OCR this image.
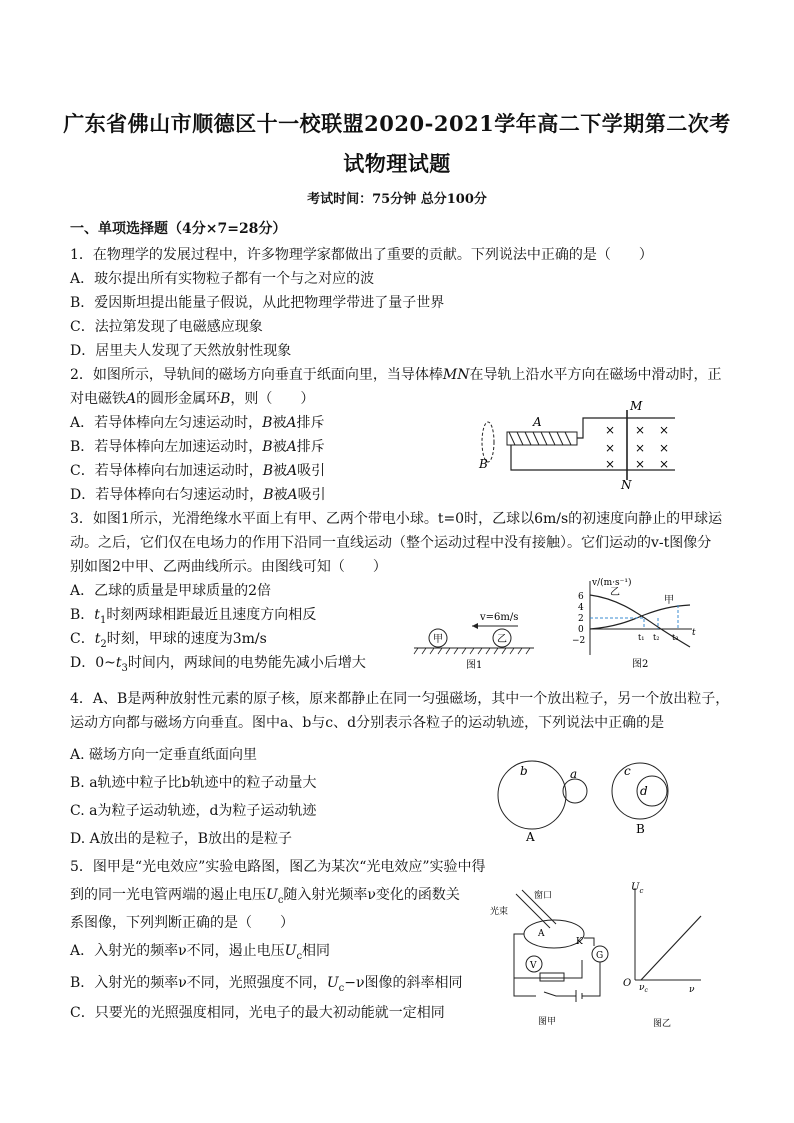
广东省佛山市顺德区十一校联盟2020-2021学年高二下学期第二次考
试物理试题
考试时间：75分钟 总分100分
一、单项选择题（4分×7=28分）
1．在物理学的发展过程中，许多物理学家都做出了重要的贡献。下列说法中正确的是（　　）
A．玻尔提出所有实物粒子都有一个与之对应的波
B．爱因斯坦提出能量子假说，从此把物理学带进了量子世界
C．法拉第发现了电磁感应现象
D．居里夫人发现了天然放射性现象
2．如图所示，导轨间的磁场方向垂直于纸面向里，当导体棒MN在导轨上沿水平方向在磁场中滑动时，正
对电磁铁A的圆形金属环B，则（　　）
A．若导体棒向左匀速运动时，B被A排斥
B．若导体棒向左加速运动时，B被A排斥
C．若导体棒向右加速运动时，B被A吸引
D．若导体棒向右匀速运动时，B被A吸引
B
A
M
N
× × ×
× × ×
× × ×
3．如图1所示，光滑绝缘水平面上有甲、乙两个带电小球。t=0时，乙球以6m/s的初速度向静止的甲球运
动。之后，它们仅在电场力的作用下沿同一直线运动（整个运动过程中没有接触）。它们运动的v-t图像分
别如图2中甲、乙两曲线所示。由图线可知（　　）
A．乙球的质量是甲球质量的2倍
B．$t_1$时刻两球相距最近且速度方向相反
C．$t_2$时刻，甲球的速度为3m/s
D．$0\sim t_3$时间内，两球间的电势能先减小后增大
v=6m/s
甲	乙
图1
v/(m·s⁻¹)
6
4
2
0
−2
t
乙
甲
t₁ t₂ t₃
图2
4．A、B是两种放射性元素的原子核，原来都静止在同一匀强磁场，其中一个放出粒子，另一个放出粒子，
运动方向都与磁场方向垂直。图中a、b与c、d分别表示各粒子的运动轨迹，下列说法中正确的是
A. 磁场方向一定垂直纸面向里
B. a轨迹中粒子比b轨迹中的粒子动量大
C. a为粒子运动轨迹，d为粒子运动轨迹
D. A放出的是粒子，B放出的是粒子
b	a	c
d
A
B
5．图甲是“光电效应”实验电路图，图乙为某次“光电效应”实验中得
到的同一光电管两端的遏止电压$U_c$随入射光频率ν变化的函数关
系图像，下列判断正确的是（　　）
A．入射光的频率ν不同，遏止电压$U_c$相同
B．入射光的频率ν不同，光照强度不同，$U_c-\nu$图像的斜率相同
C．只要光的光照强度相同，光电子的最大初动能就一定相同
窗口
光束
A
K
G
V
图甲
$U_c$
O $\nu_c$	ν
图乙
